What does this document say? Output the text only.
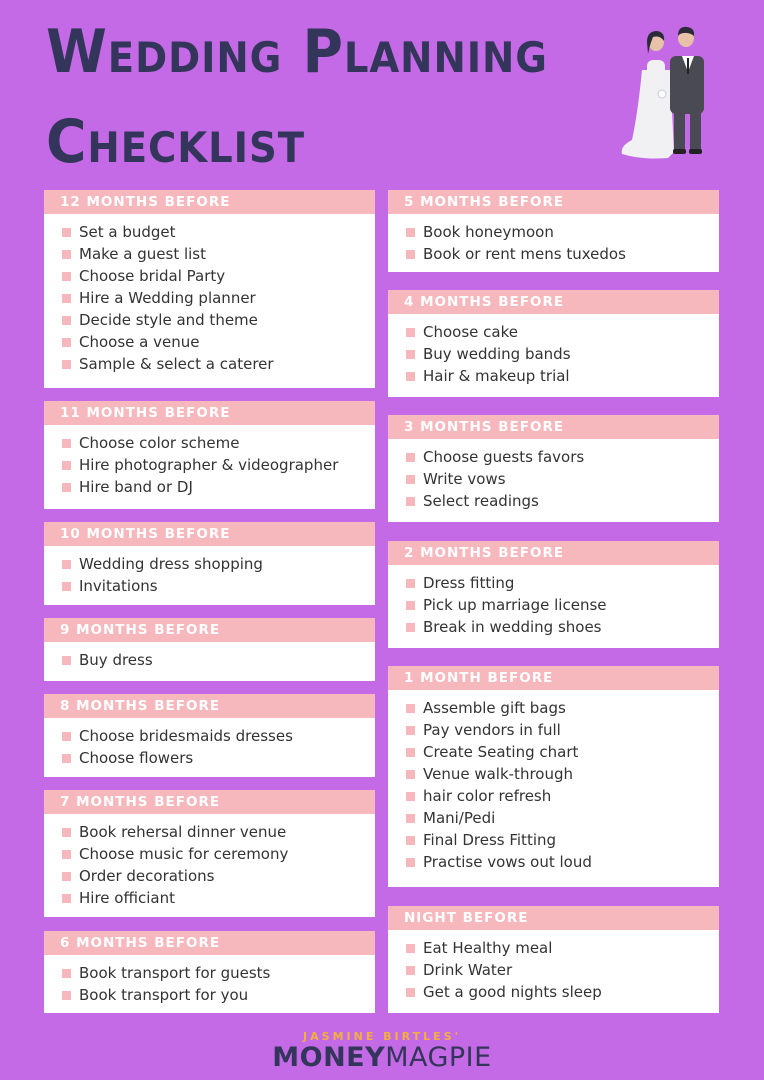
Wedding Planning
Checklist
12 MONTHS BEFORE
Set a budget
Make a guest list
Choose bridal Party
Hire a Wedding planner
Decide style and theme
Choose a venue
Sample & select a caterer
11 MONTHS BEFORE
Choose color scheme
Hire photographer & videographer
Hire band or DJ
10 MONTHS BEFORE
Wedding dress shopping
Invitations
9 MONTHS BEFORE
Buy dress
8 MONTHS BEFORE
Choose bridesmaids dresses
Choose flowers
7 MONTHS BEFORE
Book rehersal dinner venue
Choose music for ceremony
Order decorations
Hire officiant
6 MONTHS BEFORE
Book transport for guests
Book transport for you
5 MONTHS BEFORE
Book honeymoon
Book or rent mens tuxedos
4 MONTHS BEFORE
Choose cake
Buy wedding bands
Hair & makeup trial
3 MONTHS BEFORE
Choose guests favors
Write vows
Select readings
2 MONTHS BEFORE
Dress fitting
Pick up marriage license
Break in wedding shoes
1 MONTH BEFORE
Assemble gift bags
Pay vendors in full
Create Seating chart
Venue walk-through
hair color refresh
Mani/Pedi
Final Dress Fitting
Practise vows out loud
NIGHT BEFORE
Eat Healthy meal
Drink Water
Get a good nights sleep
JASMINE BIRTLES'
MONEYMAGPIE
